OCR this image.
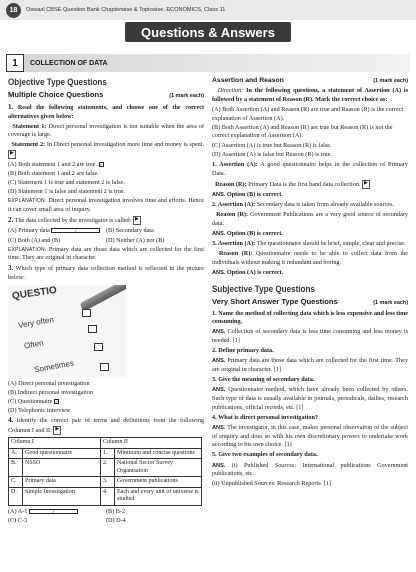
18	Oswaal CBSE Question Bank Chapterwise & Topicwise, ECONOMICS, Class 11
Questions & Answers
1	COLLECTION OF DATA
Objective Type Questions
Multiple Choice Questions	(1 mark each)

1. Read the following statements, and choose one of the correct alternatives given below:

Statement 1: Direct personal investigation is not suitable when the area of coverage is large.

Statement 2: In Direct personal investigation more time and money is spent. ▶

(A) Both statement 1 and 2 are true. ✓
(B) Both statement 1 and 2 are false.
(C) Statement 1 is true and statement 2 is false.
(D) Statement 1 is false and statement 2 is true.

EXPLANATION: Direct personal investigation involves time and efforts. Hence it can cover small area of inquiry.

2. The data collected by the investigator is called: ▶

(A) Primary data	✓	(B) Secondary data
(C) Both (A) and (B)	(D) Neither (A) nor (B)

EXPLANATION: Primary data are those data which are collected for the first time. They are original in character.

3. Which type of primary data collection method is reflected in the picture below:

QUESTIO
Very often
Often
Sometimes
(A) Direct personal investigation
(B) Indirect personal investigation
(C) Questionnaire ✓
(D) Telephonic interview

4. Identify the correct pair of terms and definitions from the following Columns I and II: ▶

Column I		Column II	
A.	Good questionnaire	1.	Minimum and concise questions
B.	NSSO	2.	National Sector Survey Organisation
C.	Primary data	3.	Government publications
D.	Simple Investigation	4.	Each and every unit of universe is studied
(A) A-1	✓	(B) B-2
(C) C-3	(D) D-4
Assertion and Reason	(1 mark each)

Direction: In the following questions, a statement of Assertion (A) is followed by a statement of Reason (R). Mark the correct choice as:

(A) Both Assertion (A) and Reason (R) are true and Reason (R) is the correct explanation of Assertion (A).
(B) Both Assertion (A) and Reason (R) are true but Reason (R) is not the correct explanation of Assertion (A).
(C) Assertion (A) is true but Reason (R) is false.
(D) Assertion (A) is false but Reason (R) is true.

1. Assertion (A): A good questionnaire helps in the collection of Primary Data.

Reason (R): Primary Data is the first hand data collection. ▶

ANS. Option (B) is correct.

2. Assertion (A): Secondary data is taken from already available sources.

Reason (R): Government Publications are a very good source of secondary data.

ANS. Option (B) is correct.

3. Assertion (A): The questionnaire should be brief, simple, clear and precise.

Reason (R): Questionnaire needs to be able to collect data from the individuals without making it redundant and boring.

ANS. Option (A) is correct.

Subjective Type Questions
Very Short Answer Type Questions	(1 mark each)

1. Name the method of collecting data which is less expensive and less time consuming.

ANS. Collection of secondary data is less time consuming and less money is needed. [1]

2. Define primary data.

ANS. Primary data are those data which are collected for the first time. They are original in character. [1]

3. Give the meaning of secondary data.

ANS. Questionnaire method, which have already been collected by others. Such type of data is usually available in journals, periodicals, dailies, research publications, official records, etc. [1]

4. What is direct personal investigation?

ANS. The investigator, in this case, makes personal observation of the subject of enquiry and does so with his own discretionary powers to undertake work according to his own choice. [1]

5. Give two examples of secondary data.

ANS. (i) Published Sources: International publications Government publications, etc.

(ii) Unpublished Sources: Research Reports. [1]
